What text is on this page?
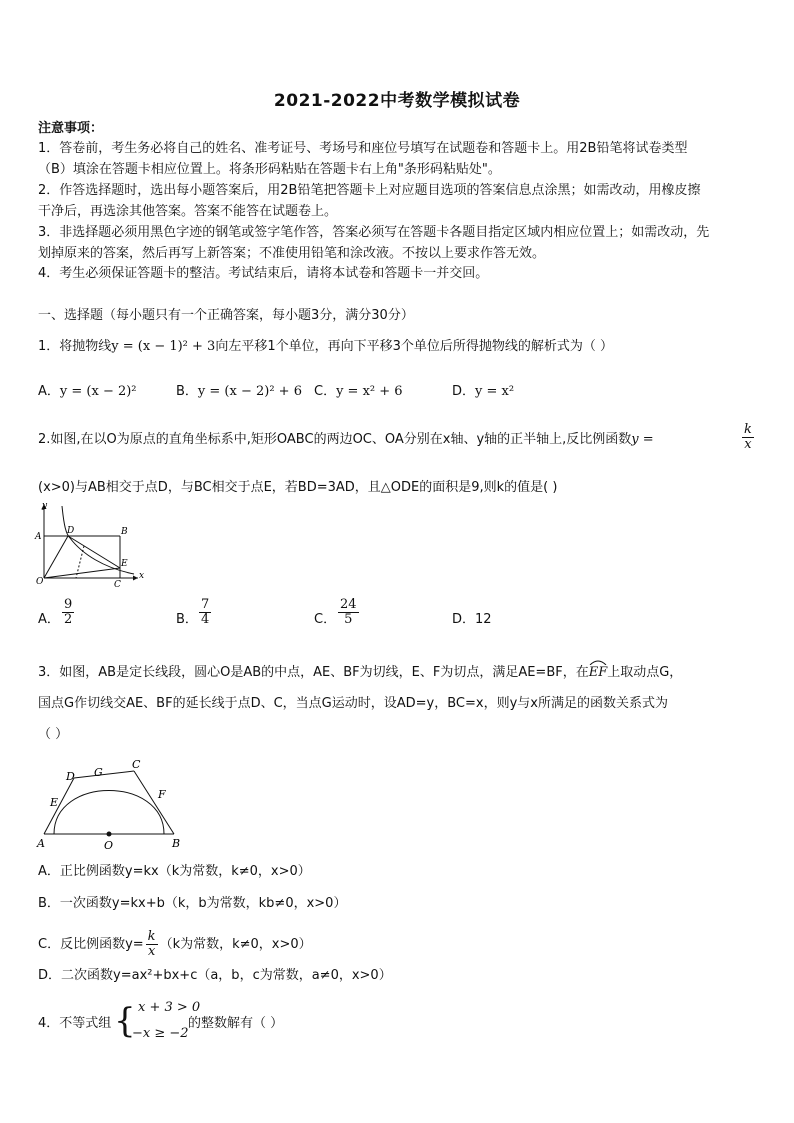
2021-2022中考数学模拟试卷
注意事项：
1．答卷前，考生务必将自己的姓名、准考证号、考场号和座位号填写在试题卷和答题卡上。用2B铅笔将试卷类型
（B）填涂在答题卡相应位置上。将条形码粘贴在答题卡右上角"条形码粘贴处"。
2．作答选择题时，选出每小题答案后，用2B铅笔把答题卡上对应题目选项的答案信息点涂黑；如需改动，用橡皮擦
干净后，再选涂其他答案。答案不能答在试题卷上。
3．非选择题必须用黑色字迹的钢笔或签字笔作答，答案必须写在答题卡各题目指定区域内相应位置上；如需改动，先
划掉原来的答案，然后再写上新答案；不准使用铅笔和涂改液。不按以上要求作答无效。
4．考生必须保证答题卡的整洁。考试结束后，请将本试卷和答题卡一并交回。
一、选择题（每小题只有一个正确答案，每小题3分，满分30分）
1．将抛物线y = (x − 1)² + 3向左平移1个单位，再向下平移3个单位后所得抛物线的解析式为（ ）
A．y = (x − 2)²	B．y = (x − 2)² + 6 C．y = x² + 6	D．y = x²
2.如图,在以O为原点的直角坐标系中,矩形OABC的两边OC、OA分别在x轴、y轴的正半轴上,反比例函数y =	$\frac{k}{x}$
(x>0)与AB相交于点D，与BC相交于点E，若BD=3AD，且△ODE的面积是9,则k的值是( )
y
x
O
A
D	B
E
C
A． $\frac{9}{2}$	B． $\frac{7}{4}$	C． $\frac{24}{5}$	D．12
3．如图，AB是定长线段，圆心O是AB的中点，AE、BF为切线，E、F为切点，满足AE=BF，在
EF上取动点G，
国点G作切线交AE、BF的延长线于点D、C，当点G运动时，设AD=y，BC=x，则y与x所满足的函数关系式为
（ ）
D G
C
E
F
A	O	B
A．正比例函数y=kx（k为常数，k≠0，x>0）
B．一次函数y=kx+b（k，b为常数，kb≠0，x>0）
C．反比例函数$y= \frac{k}{x} (k$为常数，k≠0，x>0）
D．二次函数y=ax²+bx+c（a，b，c为常数，a≠0，x>0）
4．不等式组 { x + 3 > 0
−x ≥ −2
的整数解有（ ）
